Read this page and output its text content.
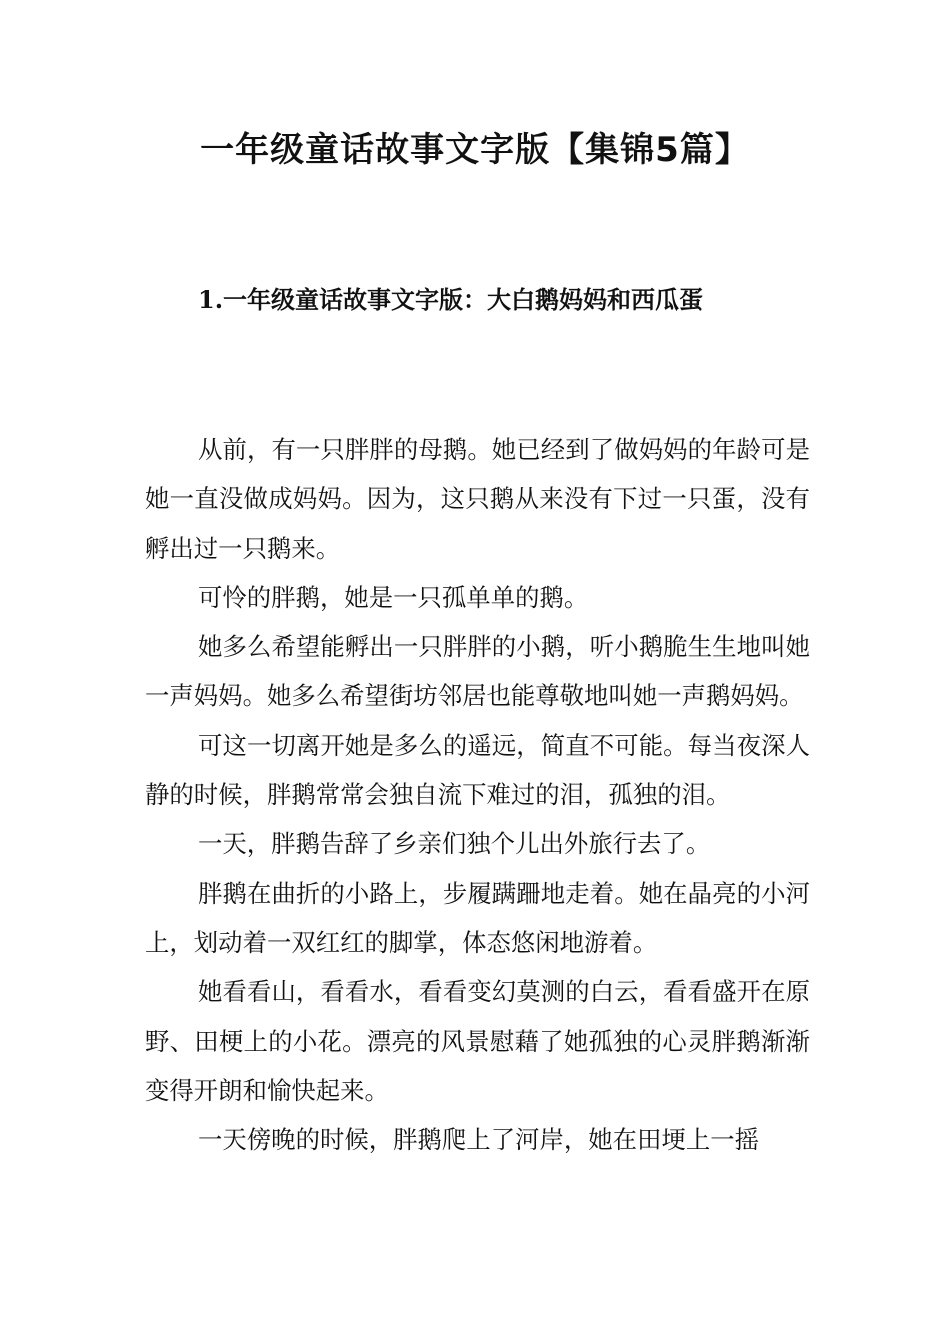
一年级童话故事文字版【集锦5篇】
1.一年级童话故事文字版：大白鹅妈妈和西瓜蛋

从前，有一只胖胖的母鹅。她已经到了做妈妈的年龄可是她一直没做成妈妈。因为，这只鹅从来没有下过一只蛋，没有孵出过一只鹅来。

可怜的胖鹅，她是一只孤单单的鹅。

她多么希望能孵出一只胖胖的小鹅，听小鹅脆生生地叫她一声妈妈。她多么希望街坊邻居也能尊敬地叫她一声鹅妈妈。

可这一切离开她是多么的遥远，简直不可能。每当夜深人静的时候，胖鹅常常会独自流下难过的泪，孤独的泪。

一天，胖鹅告辞了乡亲们独个儿出外旅行去了。

胖鹅在曲折的小路上，步履蹒跚地走着。她在晶亮的小河上，划动着一双红红的脚掌，体态悠闲地游着。

她看看山，看看水，看看变幻莫测的白云，看看盛开在原野、田梗上的小花。漂亮的风景慰藉了她孤独的心灵胖鹅渐渐变得开朗和愉快起来。

一天傍晚的时候，胖鹅爬上了河岸，她在田埂上一摇
